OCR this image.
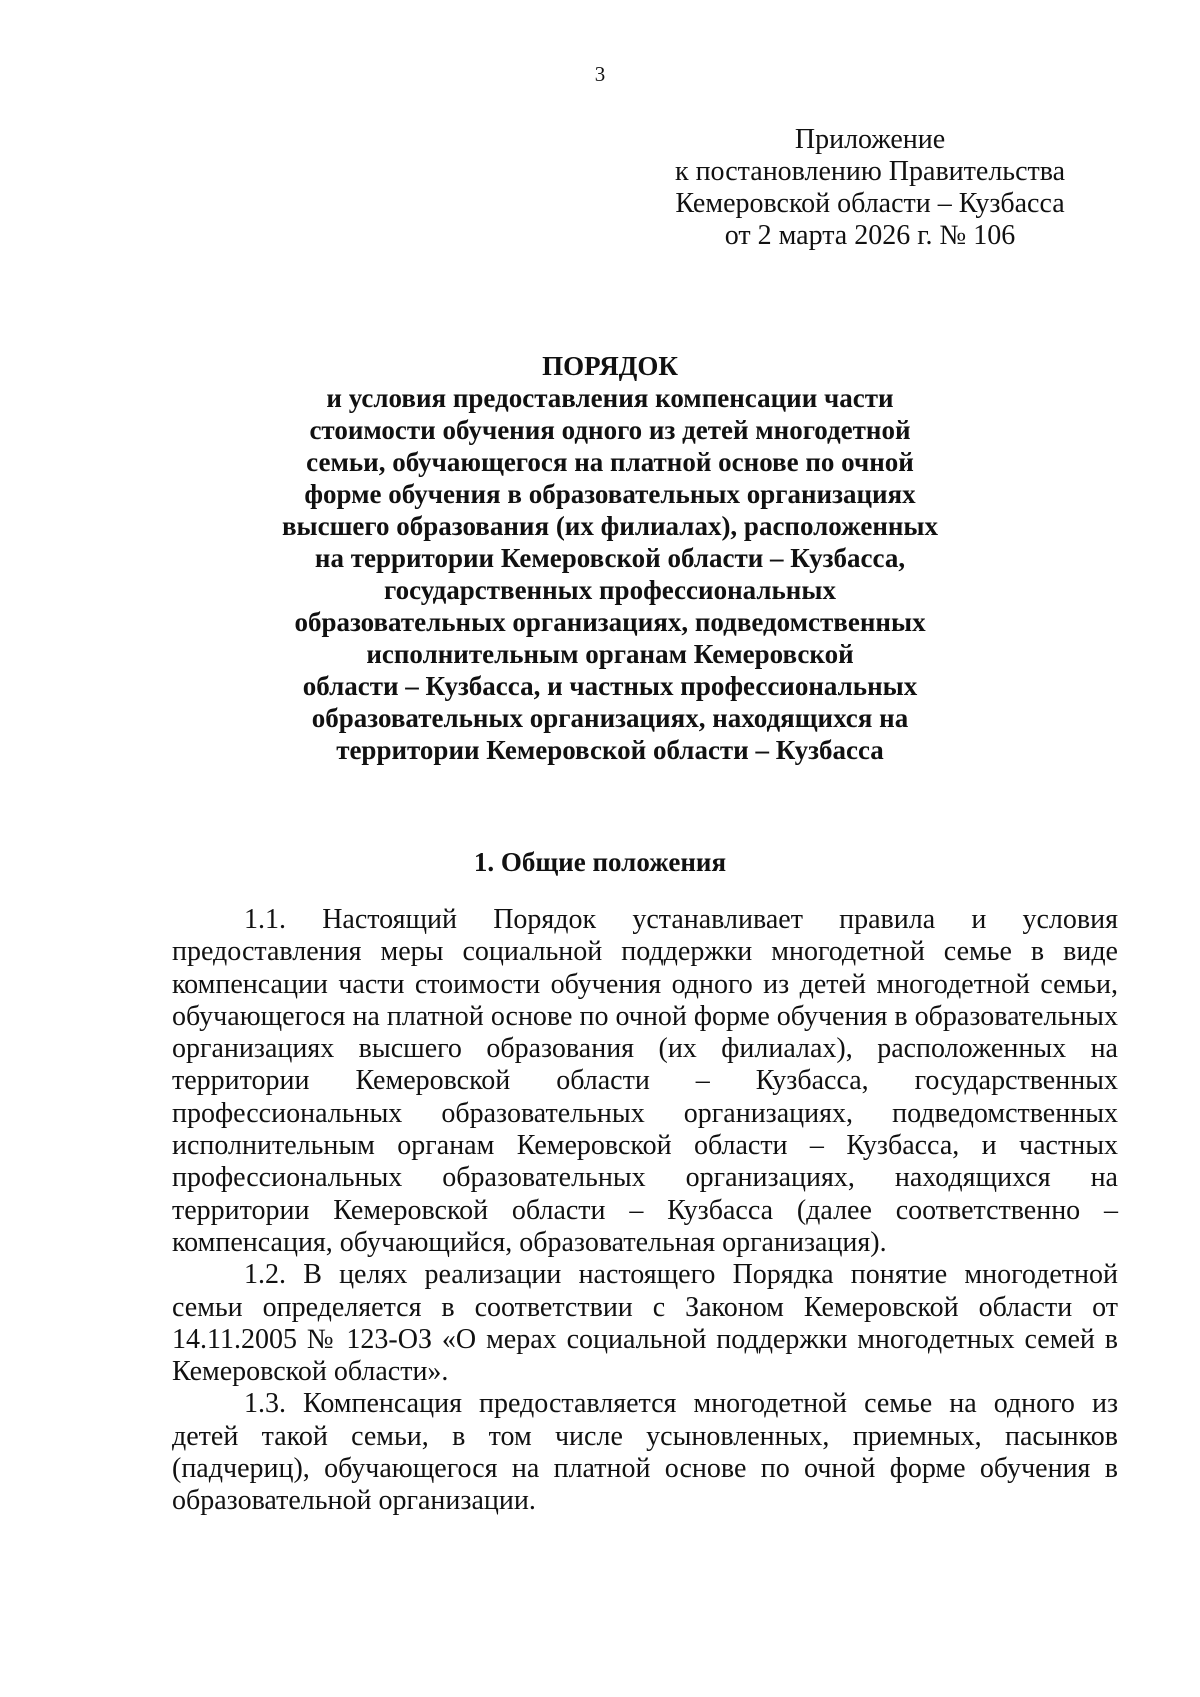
3
Приложение
к постановлению Правительства
Кемеровской области – Кузбасса
от 2 марта 2026 г. № 106
ПОРЯДОК
и условия предоставления компенсации части
стоимости обучения одного из детей многодетной
семьи, обучающегося на платной основе по очной
форме обучения в образовательных организациях
высшего образования (их филиалах), расположенных
на территории Кемеровской области – Кузбасса,
государственных профессиональных
образовательных организациях, подведомственных
исполнительным органам Кемеровской
области – Кузбасса, и частных профессиональных
образовательных организациях, находящихся на
территории Кемеровской области – Кузбасса
1. Общие положения

1.1. Настоящий Порядок устанавливает правила и условия предоставления меры социальной поддержки многодетной семье в виде компенсации части стоимости обучения одного из детей многодетной семьи, обучающегося на платной основе по очной форме обучения в образовательных организациях высшего образования (их филиалах), расположенных на территории Кемеровской области – Кузбасса, государственных профессиональных образовательных организациях, подведомственных исполнительным органам Кемеровской области – Кузбасса, и частных профессиональных образовательных организациях, находящихся на территории Кемеровской области – Кузбасса (далее соответственно – компенсация, обучающийся, образовательная организация).

1.2. В целях реализации настоящего Порядка понятие многодетной семьи определяется в соответствии с Законом Кемеровской области от 14.11.2005 № 123-ОЗ «О мерах социальной поддержки многодетных семей в Кемеровской области».

1.3. Компенсация предоставляется многодетной семье на одного из детей такой семьи, в том числе усыновленных, приемных, пасынков (падчериц), обучающегося на платной основе по очной форме обучения в образовательной организации.
